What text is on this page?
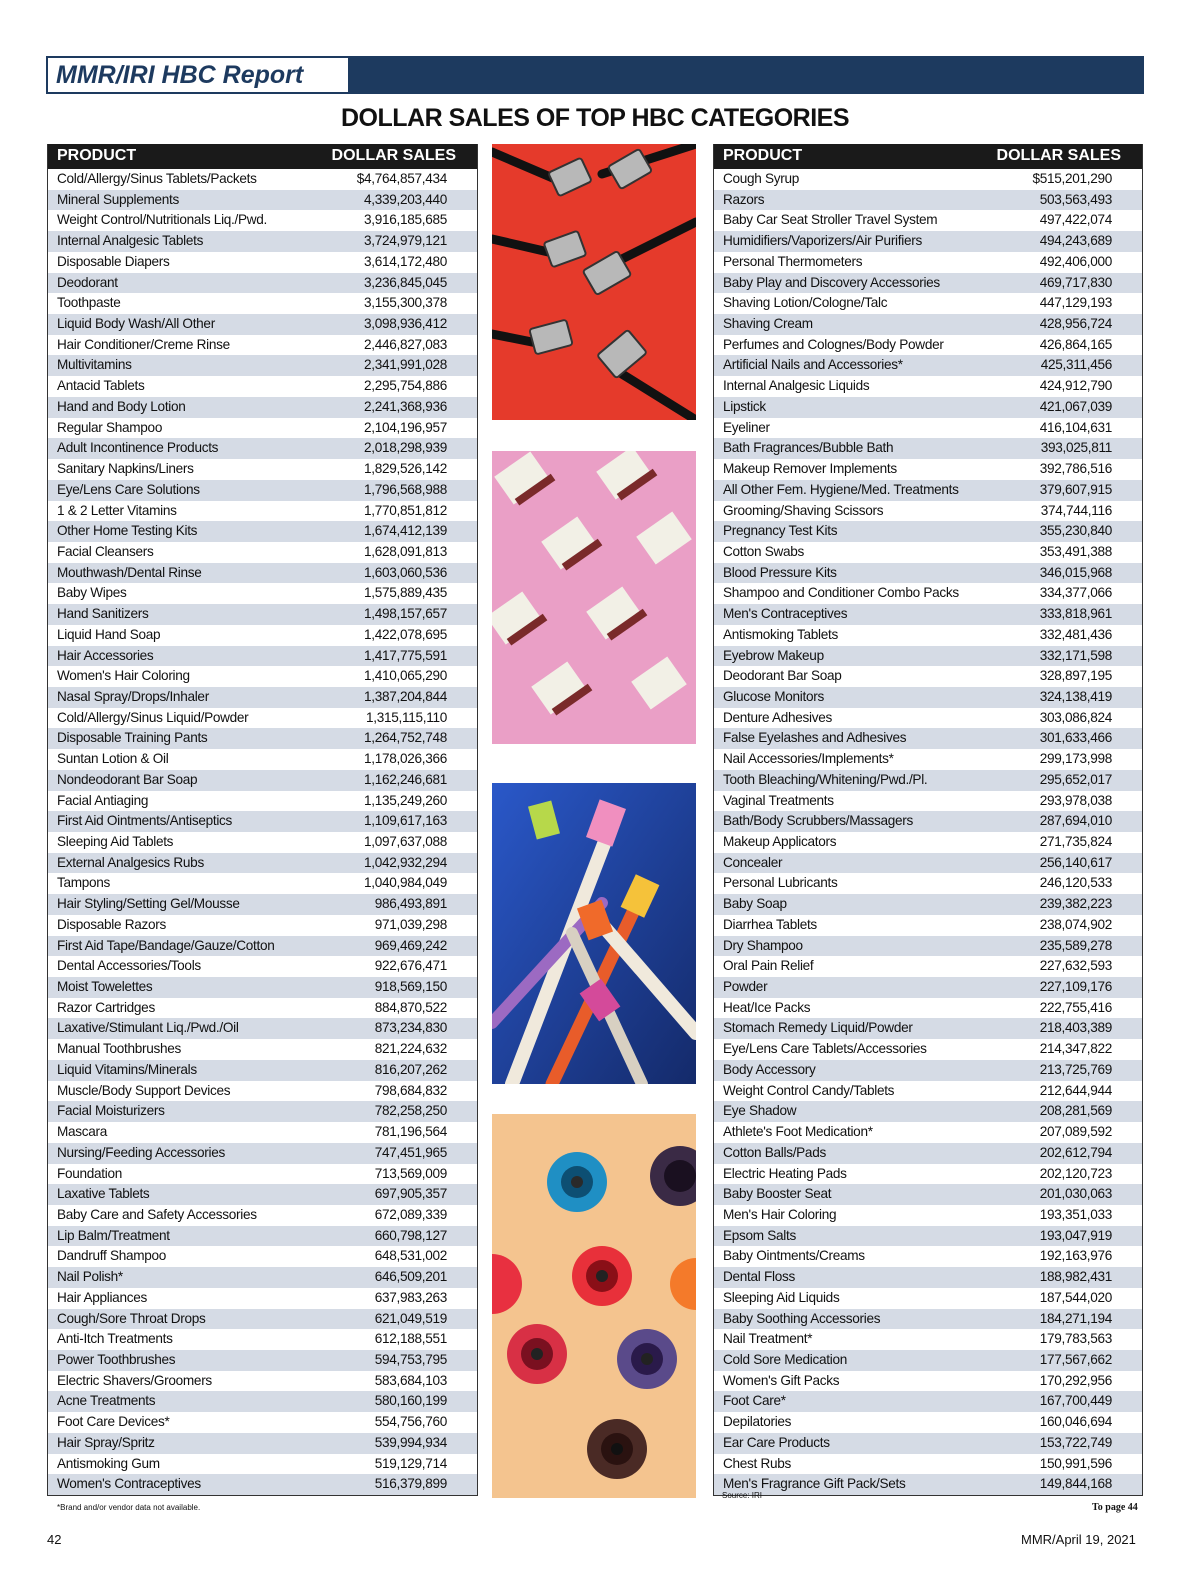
MMR/IRI HBC Report
DOLLAR SALES OF TOP HBC CATEGORIES
PRODUCT	DOLLAR SALES
Cold/Allergy/Sinus Tablets/Packets	$4,764,857,434
Mineral Supplements	4,339,203,440
Weight Control/Nutritionals Liq./Pwd.	3,916,185,685
Internal Analgesic Tablets	3,724,979,121
Disposable Diapers	3,614,172,480
Deodorant	3,236,845,045
Toothpaste	3,155,300,378
Liquid Body Wash/All Other	3,098,936,412
Hair Conditioner/Creme Rinse	2,446,827,083
Multivitamins	2,341,991,028
Antacid Tablets	2,295,754,886
Hand and Body Lotion	2,241,368,936
Regular Shampoo	2,104,196,957
Adult Incontinence Products	2,018,298,939
Sanitary Napkins/Liners	1,829,526,142
Eye/Lens Care Solutions	1,796,568,988
1 & 2 Letter Vitamins	1,770,851,812
Other Home Testing Kits	1,674,412,139
Facial Cleansers	1,628,091,813
Mouthwash/Dental Rinse	1,603,060,536
Baby Wipes	1,575,889,435
Hand Sanitizers	1,498,157,657
Liquid Hand Soap	1,422,078,695
Hair Accessories	1,417,775,591
Women's Hair Coloring	1,410,065,290
Nasal Spray/Drops/Inhaler	1,387,204,844
Cold/Allergy/Sinus Liquid/Powder	1,315,115,110
Disposable Training Pants	1,264,752,748
Suntan Lotion & Oil	1,178,026,366
Nondeodorant Bar Soap	1,162,246,681
Facial Antiaging	1,135,249,260
First Aid Ointments/Antiseptics	1,109,617,163
Sleeping Aid Tablets	1,097,637,088
External Analgesics Rubs	1,042,932,294
Tampons	1,040,984,049
Hair Styling/Setting Gel/Mousse	986,493,891
Disposable Razors	971,039,298
First Aid Tape/Bandage/Gauze/Cotton	969,469,242
Dental Accessories/Tools	922,676,471
Moist Towelettes	918,569,150
Razor Cartridges	884,870,522
Laxative/Stimulant Liq./Pwd./Oil	873,234,830
Manual Toothbrushes	821,224,632
Liquid Vitamins/Minerals	816,207,262
Muscle/Body Support Devices	798,684,832
Facial Moisturizers	782,258,250
Mascara	781,196,564
Nursing/Feeding Accessories	747,451,965
Foundation	713,569,009
Laxative Tablets	697,905,357
Baby Care and Safety Accessories	672,089,339
Lip Balm/Treatment	660,798,127
Dandruff Shampoo	648,531,002
Nail Polish*	646,509,201
Hair Appliances	637,983,263
Cough/Sore Throat Drops	621,049,519
Anti-Itch Treatments	612,188,551
Power Toothbrushes	594,753,795
Electric Shavers/Groomers	583,684,103
Acne Treatments	580,160,199
Foot Care Devices*	554,756,760
Hair Spray/Spritz	539,994,934
Antismoking Gum	519,129,714
Women's Contraceptives	516,379,899
PRODUCT	DOLLAR SALES
Cough Syrup	$515,201,290
Razors	503,563,493
Baby Car Seat Stroller Travel System	497,422,074
Humidifiers/Vaporizers/Air Purifiers	494,243,689
Personal Thermometers	492,406,000
Baby Play and Discovery Accessories	469,717,830
Shaving Lotion/Cologne/Talc	447,129,193
Shaving Cream	428,956,724
Perfumes and Colognes/Body Powder	426,864,165
Artificial Nails and Accessories*	425,311,456
Internal Analgesic Liquids	424,912,790
Lipstick	421,067,039
Eyeliner	416,104,631
Bath Fragrances/Bubble Bath	393,025,811
Makeup Remover Implements	392,786,516
All Other Fem. Hygiene/Med. Treatments	379,607,915
Grooming/Shaving Scissors	374,744,116
Pregnancy Test Kits	355,230,840
Cotton Swabs	353,491,388
Blood Pressure Kits	346,015,968
Shampoo and Conditioner Combo Packs	334,377,066
Men's Contraceptives	333,818,961
Antismoking Tablets	332,481,436
Eyebrow Makeup	332,171,598
Deodorant Bar Soap	328,897,195
Glucose Monitors	324,138,419
Denture Adhesives	303,086,824
False Eyelashes and Adhesives	301,633,466
Nail Accessories/Implements*	299,173,998
Tooth Bleaching/Whitening/Pwd./Pl.	295,652,017
Vaginal Treatments	293,978,038
Bath/Body Scrubbers/Massagers	287,694,010
Makeup Applicators	271,735,824
Concealer	256,140,617
Personal Lubricants	246,120,533
Baby Soap	239,382,223
Diarrhea Tablets	238,074,902
Dry Shampoo	235,589,278
Oral Pain Relief	227,632,593
Powder	227,109,176
Heat/Ice Packs	222,755,416
Stomach Remedy Liquid/Powder	218,403,389
Eye/Lens Care Tablets/Accessories	214,347,822
Body Accessory	213,725,769
Weight Control Candy/Tablets	212,644,944
Eye Shadow	208,281,569
Athlete's Foot Medication*	207,089,592
Cotton Balls/Pads	202,612,794
Electric Heating Pads	202,120,723
Baby Booster Seat	201,030,063
Men's Hair Coloring	193,351,033
Epsom Salts	193,047,919
Baby Ointments/Creams	192,163,976
Dental Floss	188,982,431
Sleeping Aid Liquids	187,544,020
Baby Soothing Accessories	184,271,194
Nail Treatment*	179,783,563
Cold Sore Medication	177,567,662
Women's Gift Packs	170,292,956
Foot Care*	167,700,449
Depilatories	160,046,694
Ear Care Products	153,722,749
Chest Rubs	150,991,596
Men's Fragrance Gift Pack/Sets	149,844,168
*Brand and/or vendor data not available.
Source: IRI
To page 44
42	MMR/April 19, 2021
